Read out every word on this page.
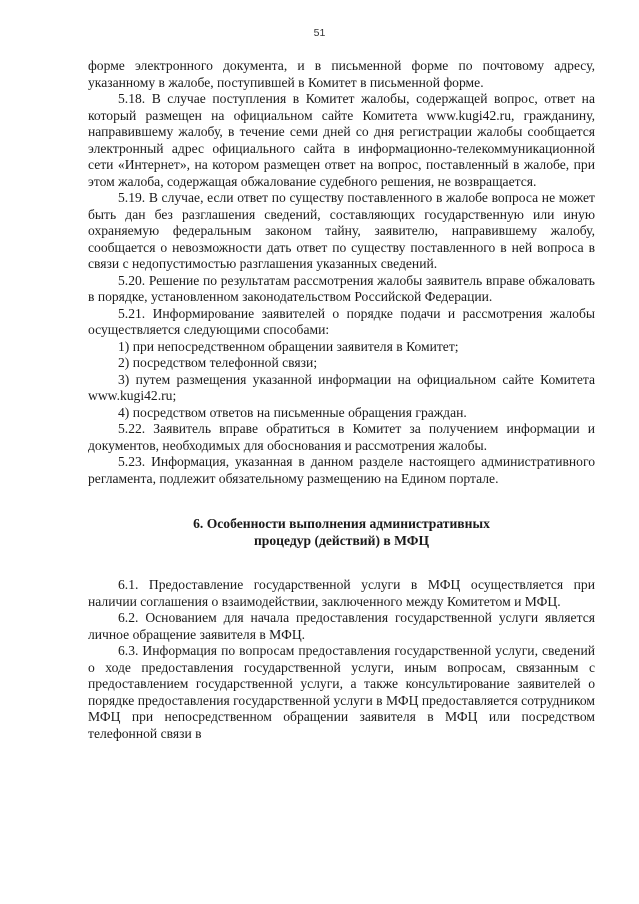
51

форме электронного документа, и в письменной форме по почтовому адресу, указанному в жалобе, поступившей в Комитет в письменной форме.

5.18. В случае поступления в Комитет жалобы, содержащей вопрос, ответ на который размещен на официальном сайте Комитета www.kugi42.ru, гражданину, направившему жалобу, в течение семи дней со дня регистрации жалобы сообщается электронный адрес официального сайта в информационно-телекоммуникационной сети «Интернет», на котором размещен ответ на вопрос, поставленный в жалобе, при этом жалоба, содержащая обжалование судебного решения, не возвращается.

5.19. В случае, если ответ по существу поставленного в жалобе вопроса не может быть дан без разглашения сведений, составляющих государственную или иную охраняемую федеральным законом тайну, заявителю, направившему жалобу, сообщается о невозможности дать ответ по существу поставленного в ней вопроса в связи с недопустимостью разглашения указанных сведений.

5.20. Решение по результатам рассмотрения жалобы заявитель вправе обжаловать в порядке, установленном законодательством Российской Федерации.

5.21. Информирование заявителей о порядке подачи и рассмотрения жалобы осуществляется следующими способами:

1) при непосредственном обращении заявителя в Комитет;

2) посредством телефонной связи;

3) путем размещения указанной информации на официальном сайте Комитета www.kugi42.ru;

4) посредством ответов на письменные обращения граждан.

5.22. Заявитель вправе обратиться в Комитет за получением информации и документов, необходимых для обоснования и рассмотрения жалобы.

5.23. Информация, указанная в данном разделе настоящего административного регламента, подлежит обязательному размещению на Едином портале.

6. Особенности выполнения административных
процедур (действий) в МФЦ

6.1. Предоставление государственной услуги в МФЦ осуществляется при наличии соглашения о взаимодействии, заключенного между Комитетом и МФЦ.

6.2. Основанием для начала предоставления государственной услуги является личное обращение заявителя в МФЦ.

6.3. Информация по вопросам предоставления государственной услуги, сведений о ходе предоставления государственной услуги, иным вопросам, связанным с предоставлением государственной услуги, а также консультирование заявителей о порядке предоставления государственной услуги в МФЦ предоставляется сотрудником МФЦ при непосредственном обращении заявителя в МФЦ или посредством телефонной связи в
